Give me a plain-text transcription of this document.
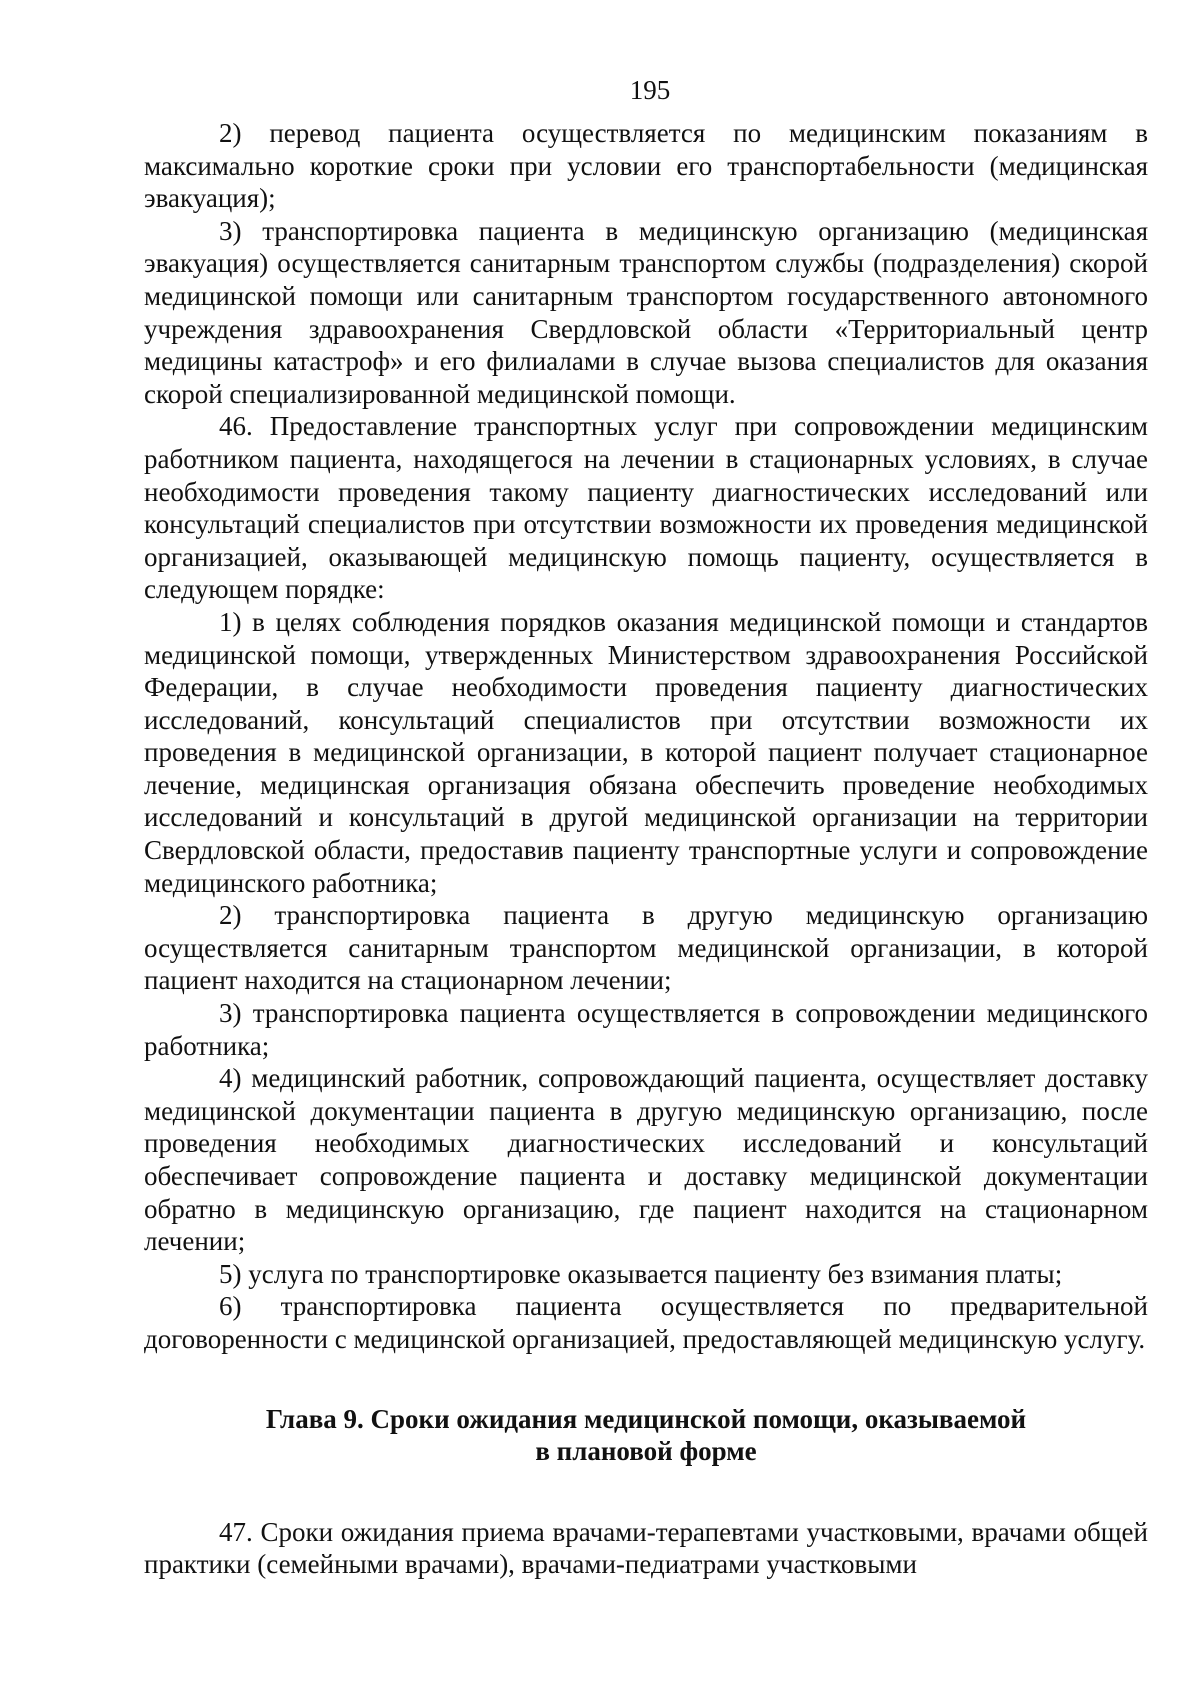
195

2) перевод пациента осуществляется по медицинским показаниям в максимально короткие сроки при условии его транспортабельности (медицинская эвакуация);

3) транспортировка пациента в медицинскую организацию (медицинская эвакуация) осуществляется санитарным транспортом службы (подразделения) скорой медицинской помощи или санитарным транспортом государственного автономного учреждения здравоохранения Свердловской области «Территориальный центр медицины катастроф» и его филиалами в случае вызова специалистов для оказания скорой специализированной медицинской помощи.

46. Предоставление транспортных услуг при сопровождении медицинским работником пациента, находящегося на лечении в стационарных условиях, в случае необходимости проведения такому пациенту диагностических исследований или консультаций специалистов при отсутствии возможности их проведения медицинской организацией, оказывающей медицинскую помощь пациенту, осуществляется в следующем порядке:

1) в целях соблюдения порядков оказания медицинской помощи и стандартов медицинской помощи, утвержденных Министерством здравоохранения Российской Федерации, в случае необходимости проведения пациенту диагностических исследований, консультаций специалистов при отсутствии возможности их проведения в медицинской организации, в которой пациент получает стационарное лечение, медицинская организация обязана обеспечить проведение необходимых исследований и консультаций в другой медицинской организации на территории Свердловской области, предоставив пациенту транспортные услуги и сопровождение медицинского работника;

2) транспортировка пациента в другую медицинскую организацию осуществляется санитарным транспортом медицинской организации, в которой пациент находится на стационарном лечении;

3) транспортировка пациента осуществляется в сопровождении медицинского работника;

4) медицинский работник, сопровождающий пациента, осуществляет доставку медицинской документации пациента в другую медицинскую организацию, после проведения необходимых диагностических исследований и консультаций обеспечивает сопровождение пациента и доставку медицинской документации обратно в медицинскую организацию, где пациент находится на стационарном лечении;

5) услуга по транспортировке оказывается пациенту без взимания платы;

6) транспортировка пациента осуществляется по предварительной договоренности с медицинской организацией, предоставляющей медицинскую услугу.

Глава 9. Сроки ожидания медицинской помощи, оказываемой
в плановой форме

47. Сроки ожидания приема врачами-терапевтами участковыми, врачами общей практики (семейными врачами), врачами-педиатрами участковыми
